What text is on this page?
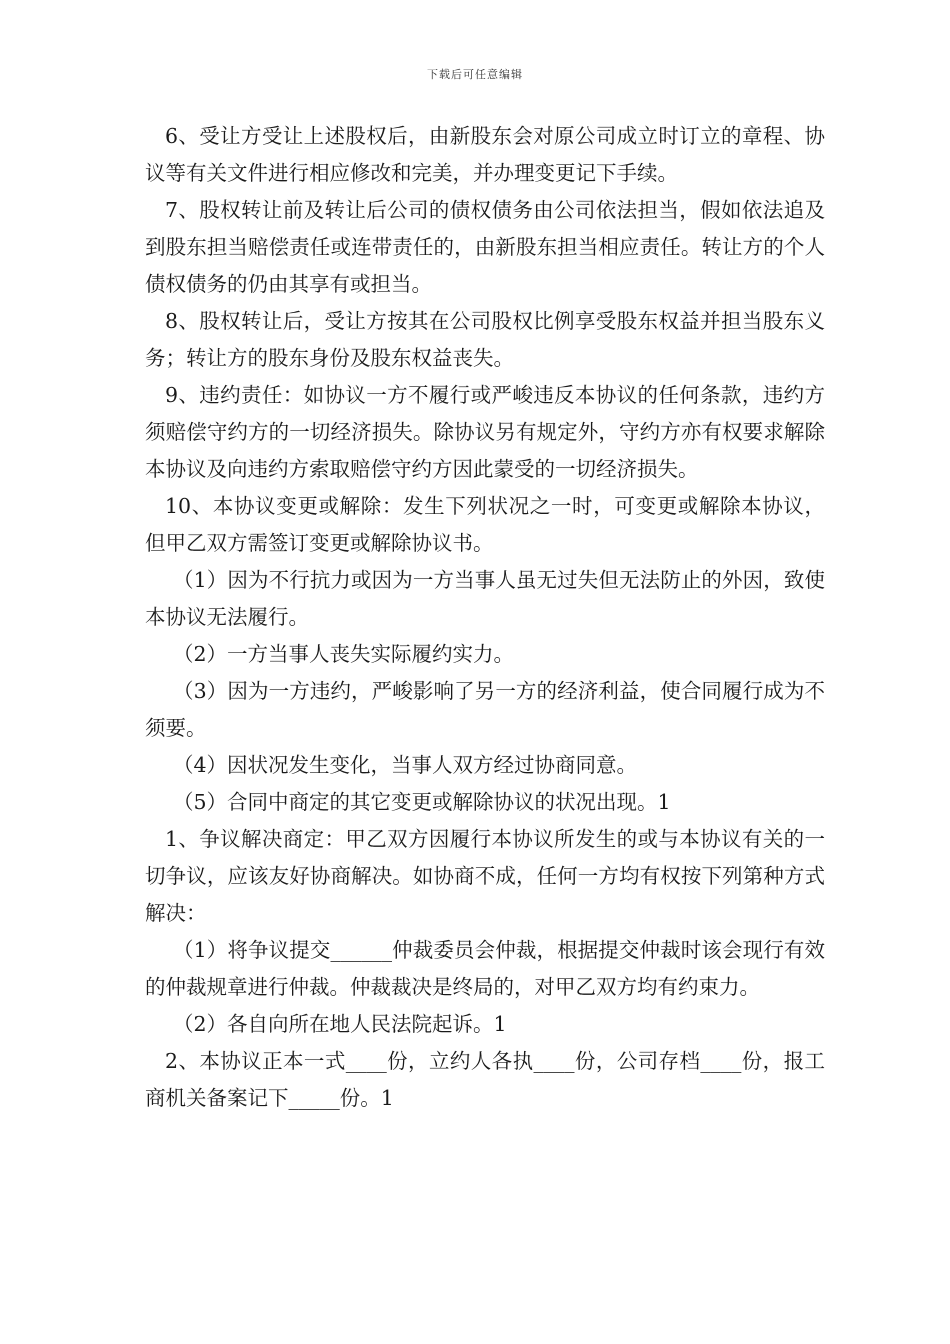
下载后可任意编辑

6、受让方受让上述股权后，由新股东会对原公司成立时订立的章程、协议等有关文件进行相应修改和完美，并办理变更记下手续。

7、股权转让前及转让后公司的债权债务由公司依法担当，假如依法追及到股东担当赔偿责任或连带责任的，由新股东担当相应责任。转让方的个人债权债务的仍由其享有或担当。

8、股权转让后，受让方按其在公司股权比例享受股东权益并担当股东义务；转让方的股东身份及股东权益丧失。

9、违约责任：如协议一方不履行或严峻违反本协议的任何条款，违约方须赔偿守约方的一切经济损失。除协议另有规定外，守约方亦有权要求解除本协议及向违约方索取赔偿守约方因此蒙受的一切经济损失。

10、本协议变更或解除：发生下列状况之一时，可变更或解除本协议，但甲乙双方需签订变更或解除协议书。

（1）因为不行抗力或因为一方当事人虽无过失但无法防止的外因，致使本协议无法履行。

（2）一方当事人丧失实际履约实力。

（3）因为一方违约，严峻影响了另一方的经济利益，使合同履行成为不须要。

（4）因状况发生变化，当事人双方经过协商同意。

（5）合同中商定的其它变更或解除协议的状况出现。1

1、争议解决商定：甲乙双方因履行本协议所发生的或与本协议有关的一切争议，应该友好协商解决。如协商不成，任何一方均有权按下列第种方式解决：

（1）将争议提交______仲裁委员会仲裁，根据提交仲裁时该会现行有效的仲裁规章进行仲裁。仲裁裁决是终局的，对甲乙双方均有约束力。

（2）各自向所在地人民法院起诉。1

2、本协议正本一式____份，立约人各执____份，公司存档____份，报工商机关备案记下_____份。1
